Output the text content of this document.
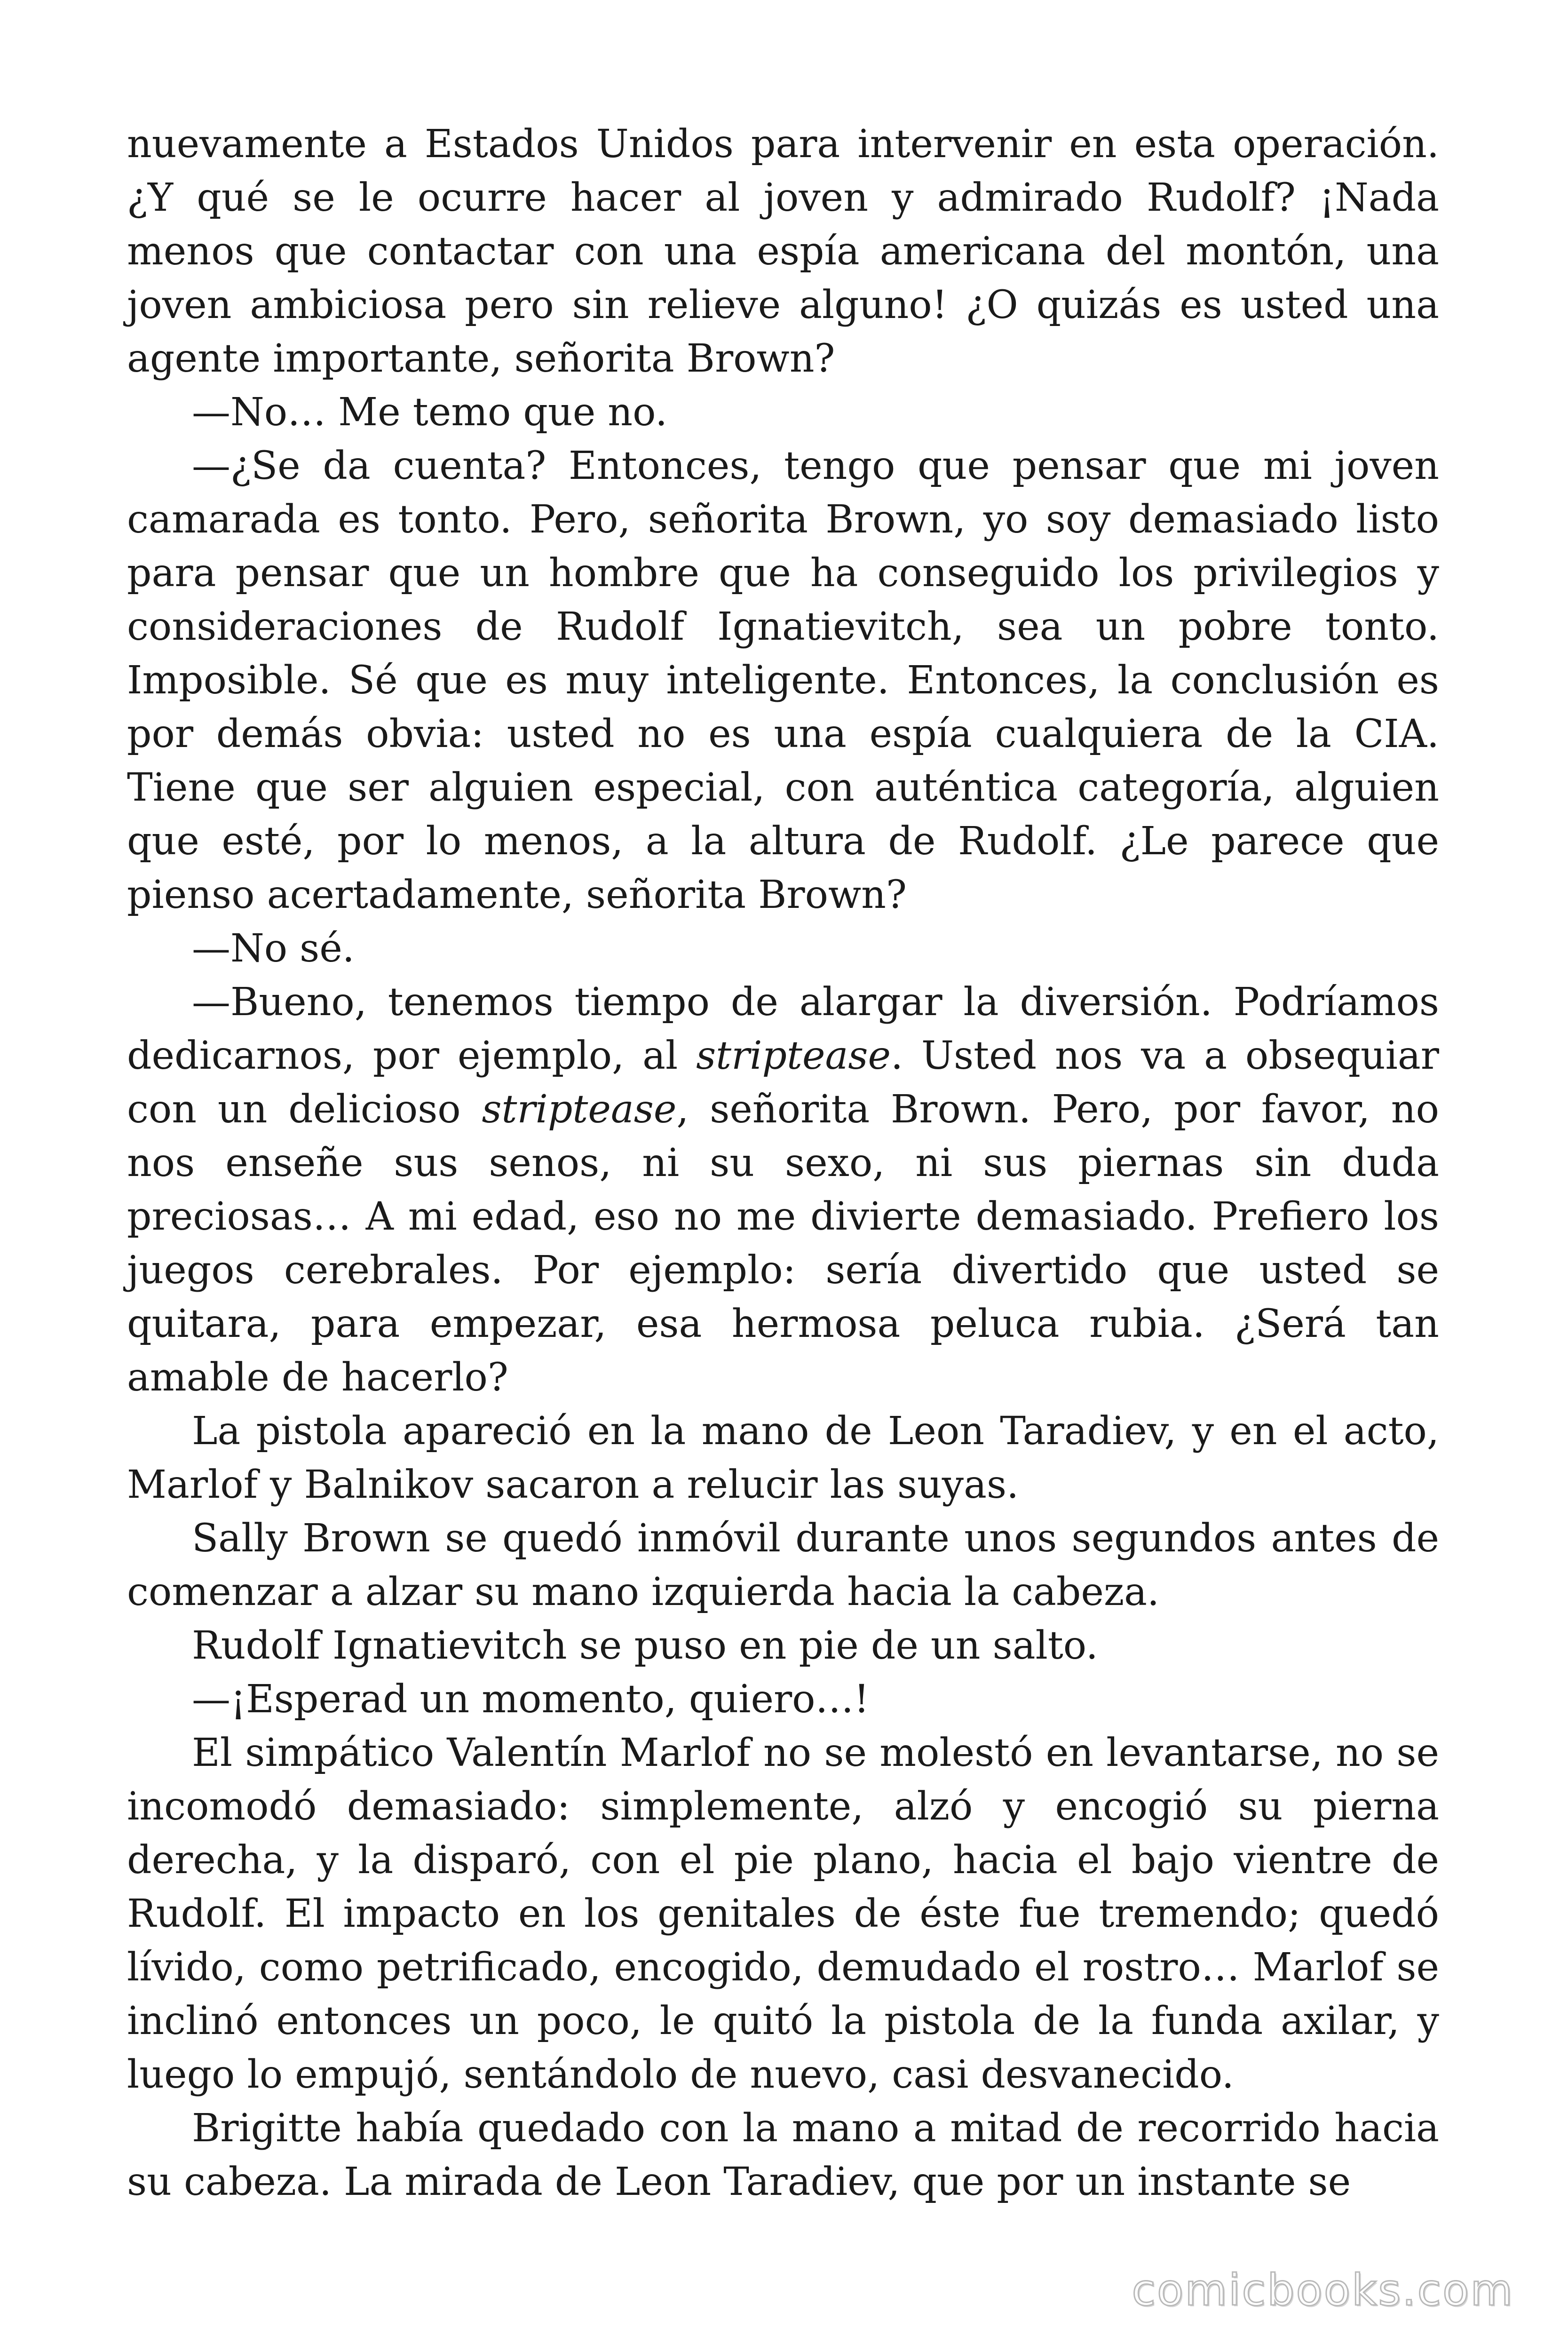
nuevamente a Estados Unidos para intervenir en esta operación. ¿Y qué se le ocurre hacer al joven y admirado Rudolf? ¡Nada menos que contactar con una espía americana del montón, una joven ambiciosa pero sin relieve alguno! ¿O quizás es usted una agente importante, señorita Brown?

—No… Me temo que no.

—¿Se da cuenta? Entonces, tengo que pensar que mi joven camarada es tonto. Pero, señorita Brown, yo soy demasiado listo para pensar que un hombre que ha conseguido los privilegios y consideraciones de Rudolf Ignatievitch, sea un pobre tonto. Imposible. Sé que es muy inteligente. Entonces, la conclusión es por demás obvia: usted no es una espía cualquiera de la CIA. Tiene que ser alguien especial, con auténtica categoría, alguien que esté, por lo menos, a la altura de Rudolf. ¿Le parece que pienso acertadamente, señorita Brown?

—No sé.

—Bueno, tenemos tiempo de alargar la diversión. Podríamos dedicarnos, por ejemplo, al striptease. Usted nos va a obsequiar con un delicioso striptease, señorita Brown. Pero, por favor, no nos enseñe sus senos, ni su sexo, ni sus piernas sin duda preciosas… A mi edad, eso no me divierte demasiado. Prefiero los juegos cerebrales. Por ejemplo: sería divertido que usted se quitara, para empezar, esa hermosa peluca rubia. ¿Será tan amable de hacerlo?

La pistola apareció en la mano de Leon Taradiev, y en el acto, Marlof y Balnikov sacaron a relucir las suyas.

Sally Brown se quedó inmóvil durante unos segundos antes de comenzar a alzar su mano izquierda hacia la cabeza.

Rudolf Ignatievitch se puso en pie de un salto.

—¡Esperad un momento, quiero…!

El simpático Valentín Marlof no se molestó en levantarse, no se incomodó demasiado: simplemente, alzó y encogió su pierna derecha, y la disparó, con el pie plano, hacia el bajo vientre de Rudolf. El impacto en los genitales de éste fue tremendo; quedó lívido, como petrificado, encogido, demudado el rostro… Marlof se inclinó entonces un poco, le quitó la pistola de la funda axilar, y luego lo empujó, sentándolo de nuevo, casi desvanecido.

Brigitte había quedado con la mano a mitad de recorrido hacia su cabeza. La mirada de Leon Taradiev, que por un instante se

comicbooks.com
